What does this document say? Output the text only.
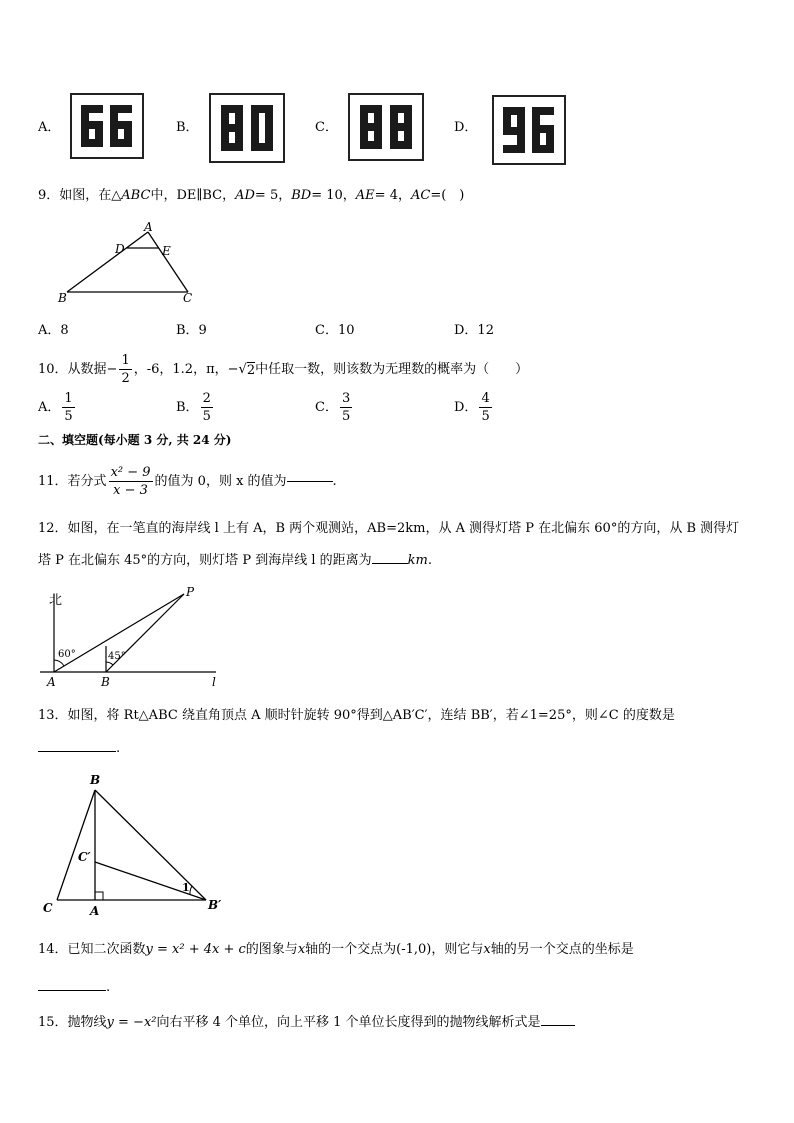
A．	B．	C．	D．
9．如图，在△ABC中，DE∥BC，AD= 5，BD= 10，AE= 4，AC=(　)
A
B	C
D	E
A．8	B．9	C．10	D．12
10． 从数据− $\frac{1}{2}$ ，-6，1.2，π，− √ 2 中任取一数，则该数为无理数的概率为（　　）
A． $\frac{1}{5}$	B． $\frac{2}{5}$	C． $\frac{3}{5}$	D． $\frac{4}{5}$
二、填空题(每小题 3 分, 共 24 分)
11． 若分式 $\frac{\text{x² − 9}}{x - 3}$ 的值为 0，则 x 的值为	.
12．如图，在一笔直的海岸线 l 上有 A，B 两个观测站，AB=2km，从 A 测得灯塔 P 在北偏东 60°的方向，从 B 测得灯
塔 P 在北偏东 45°的方向，则灯塔 P 到海岸线 l 的距离为	km.
北
60°	45°
P
A	B	l
13．如图，将 Rt△ABC 绕直角顶点 A 顺时针旋转 90°得到△AB′C′，连结 BB′，若∠1=25°，则∠C 的度数是
.
B
C	A
C′
B′
1
14．已知二次函数y = x² + 4x + c的图象与x轴的一个交点为(-1,0)，则它与x轴的另一个交点的坐标是
.
15．抛物线y = −x²向右平移 4 个单位，向上平移 1 个单位长度得到的抛物线解析式是
